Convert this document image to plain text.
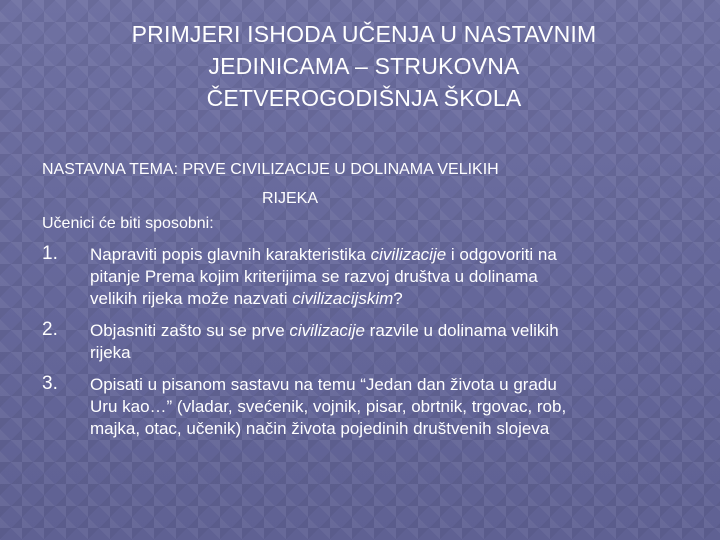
PRIMJERI ISHODA UČENJA U NASTAVNIM
JEDINICAMA – STRUKOVNA
ČETVEROGODIŠNJA ŠKOLA
NASTAVNA TEMA: PRVE CIVILIZACIJE U DOLINAMA VELIKIH
RIJEKA
Učenici će biti sposobni:
1.	Napraviti popis glavnih karakteristika civilizacije i odgovoriti na
pitanje Prema kojim kriterijima se razvoj društva u dolinama
velikih rijeka može nazvati civilizacijskim?
2.	Objasniti zašto su se prve civilizacije razvile u dolinama velikih
rijeka
3.	Opisati u pisanom sastavu na temu “Jedan dan života u gradu
Uru kao…” (vladar, svećenik, vojnik, pisar, obrtnik, trgovac, rob,
majka, otac, učenik) način života pojedinih društvenih slojeva
